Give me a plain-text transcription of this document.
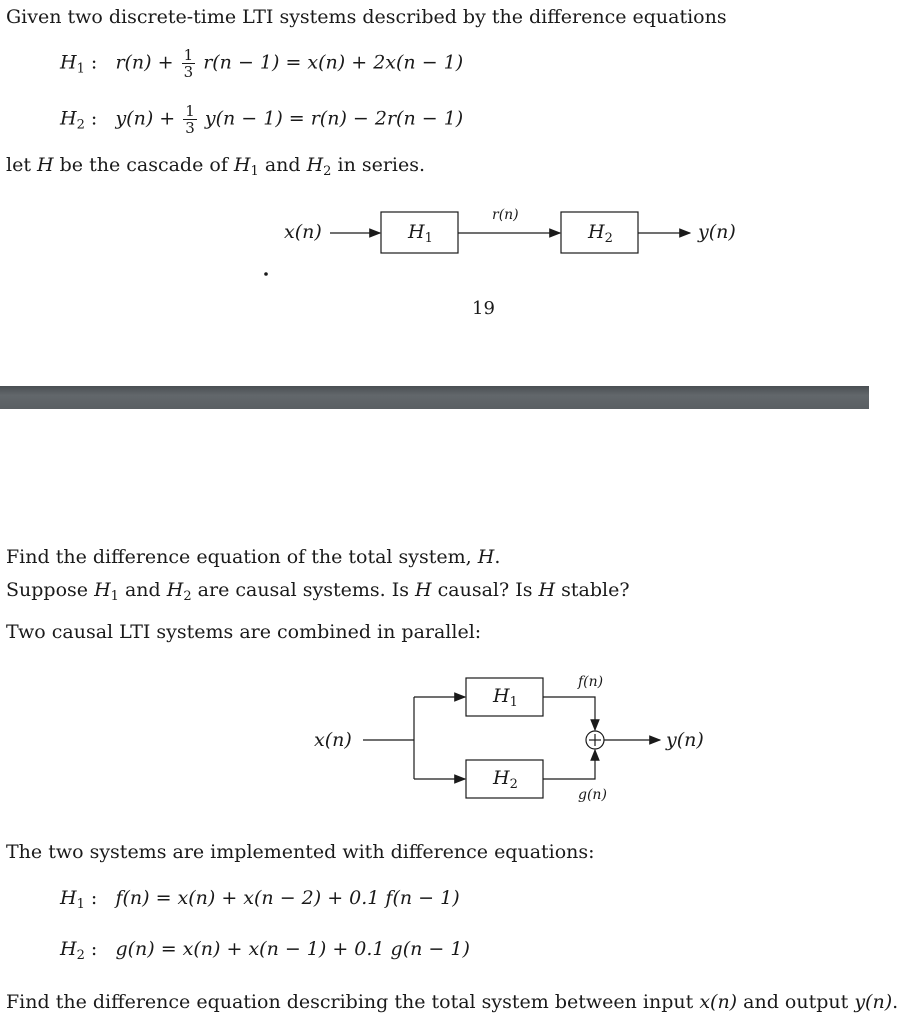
Given two discrete-time LTI systems described by the difference equations
$H_1$ :   $r(n) + \frac{1}{3} r(n - 1) = x(n) + 2x(n - 1)$
$H_2$ :   $y(n) + \frac{1}{3} y(n - 1) = r(n) - 2r(n - 1)$
let H be the cascade of $H_1$ and $H_2$ in series.
x(n)	$H_1$
r(n)
$H_2$	y(n)
19
Find the difference equation of the total system, H.
Suppose $H_1$ and $H_2$ are causal systems. Is H causal? Is H stable?
Two causal LTI systems are combined in parallel:
x(n)
$H_1$
$H_2$
f(n)
g(n)
y(n)
The two systems are implemented with difference equations:
$H_1$ :   f(n) = x(n) + x(n − 2) + 0.1 f(n − 1)
$H_2$ :   g(n) = x(n) + x(n − 1) + 0.1 g(n − 1)
Find the difference equation describing the total system between input x(n) and output y(n).
